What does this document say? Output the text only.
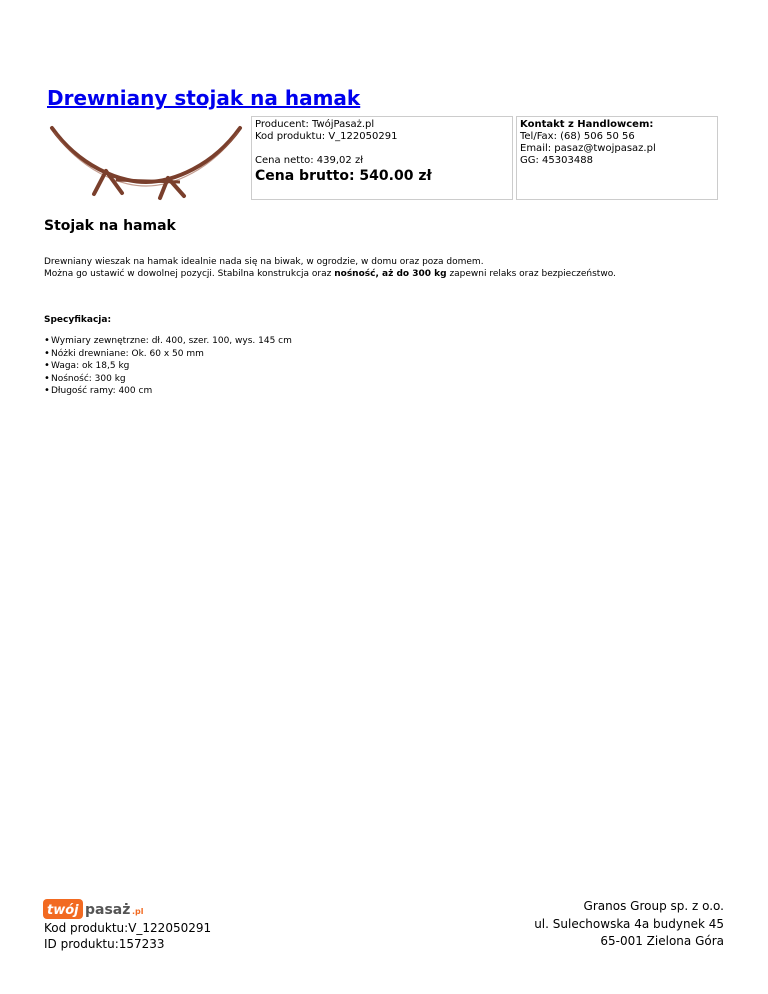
Drewniany stojak na hamak
Producent: TwójPasaż.pl
Kod produktu: V_122050291
Cena netto: 439,02 zł
Cena brutto: 540.00 zł
Kontakt z Handlowcem:
Tel/Fax: (68) 506 50 56
Email: pasaz@twojpasaz.pl
GG: 45303488
Stojak na hamak
Drewniany wieszak na hamak idealnie nada się na biwak, w ogrodzie, w domu oraz poza domem.
Można go ustawić w dowolnej pozycji. Stabilna konstrukcja oraz nośność, aż do 300 kg zapewni relaks oraz bezpieczeństwo.
Specyfikacja:
• Wymiary zewnętrzne: dł. 400, szer. 100, wys. 145 cm
• Nóżki drewniane: Ok. 60 x 50 mm
• Waga: ok 18,5 kg
• Nośność: 300 kg
• Długość ramy: 400 cm
twój pasaż .pl
Kod produktu:V_122050291
ID produktu:157233
Granos Group sp. z o.o.
ul. Sulechowska 4a budynek 45
65-001 Zielona Góra
